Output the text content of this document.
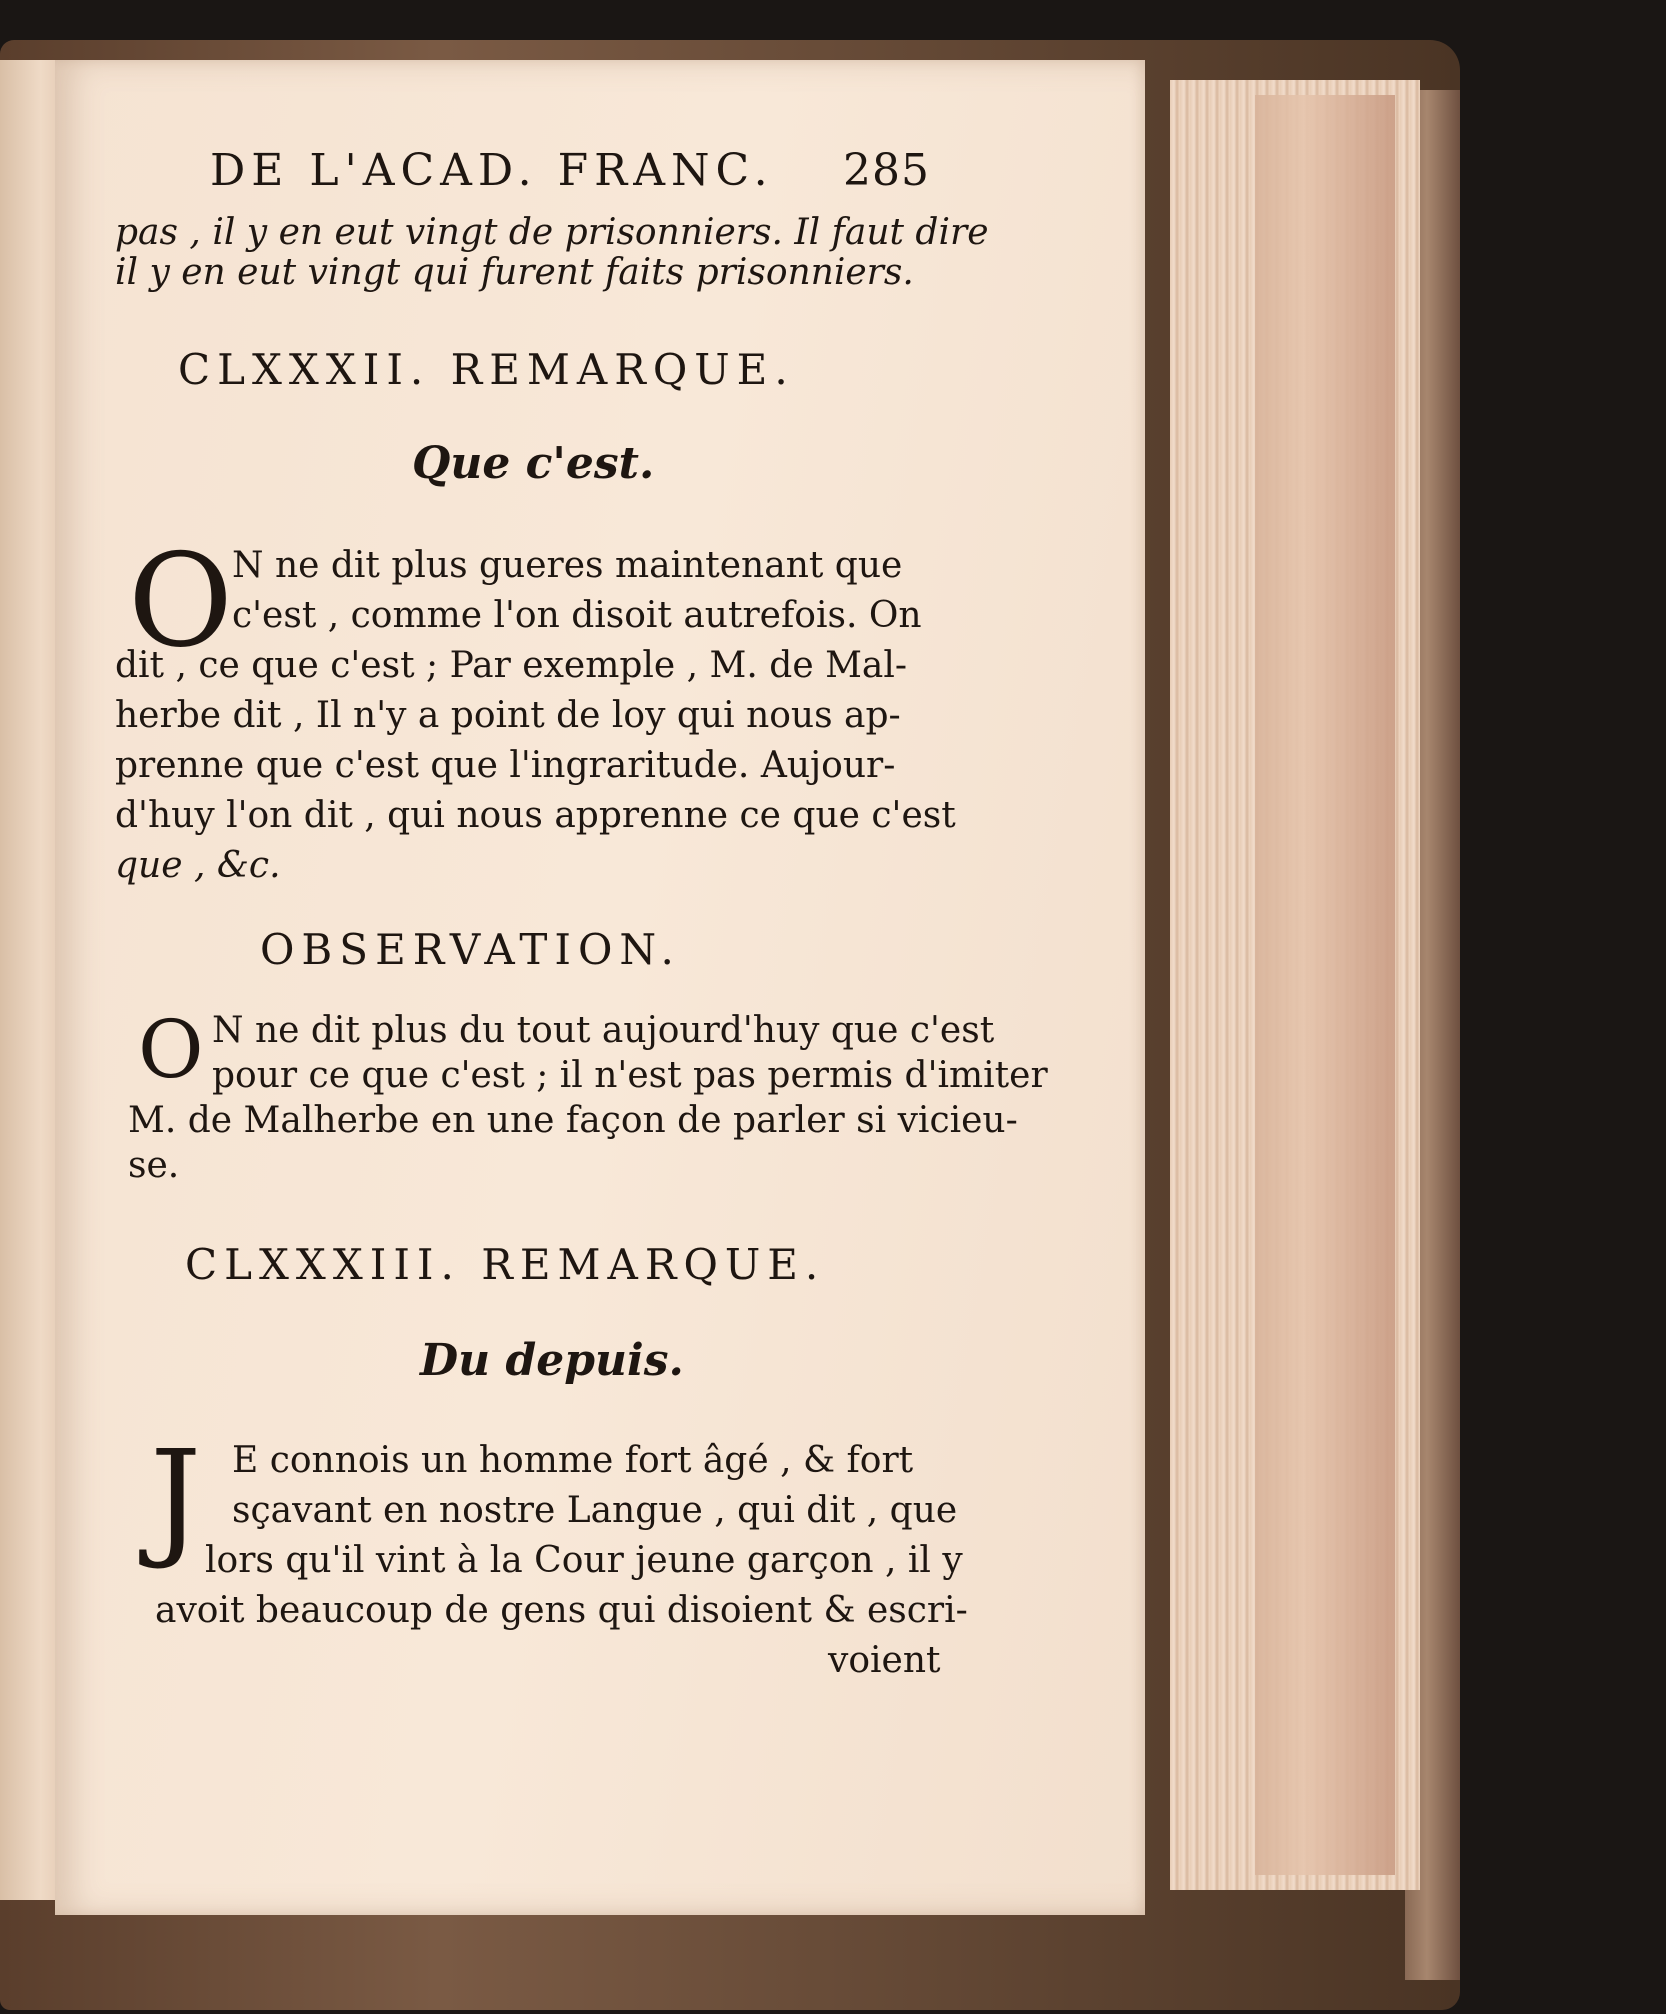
DE L'ACAD. FRANC. 285
pas , il y en eut vingt de prisonniers. Il faut dire
il y en eut vingt qui furent faits prisonniers.
CLXXXII. REMARQUE.
Que c'est.
O N ne dit plus gueres maintenant que
c'est , comme l'on disoit autrefois. On
dit , ce que c'est ; Par exemple , M. de Mal-
herbe dit , Il n'y a point de loy qui nous ap-
prenne que c'est que l'ingraritude. Aujour-
d'huy l'on dit , qui nous apprenne ce que c'est
que , &c.
OBSERVATION.
O N ne dit plus du tout aujourd'huy que c'est
pour ce que c'est ; il n'est pas permis d'imiter
M. de Malherbe en une façon de parler si vicieu-
se.
CLXXXIII. REMARQUE.
Du depuis.
J E connois un homme fort âgé , & fort
sçavant en nostre Langue , qui dit , que
lors qu'il vint à la Cour jeune garçon , il y
avoit beaucoup de gens qui disoient & escri-
voient
